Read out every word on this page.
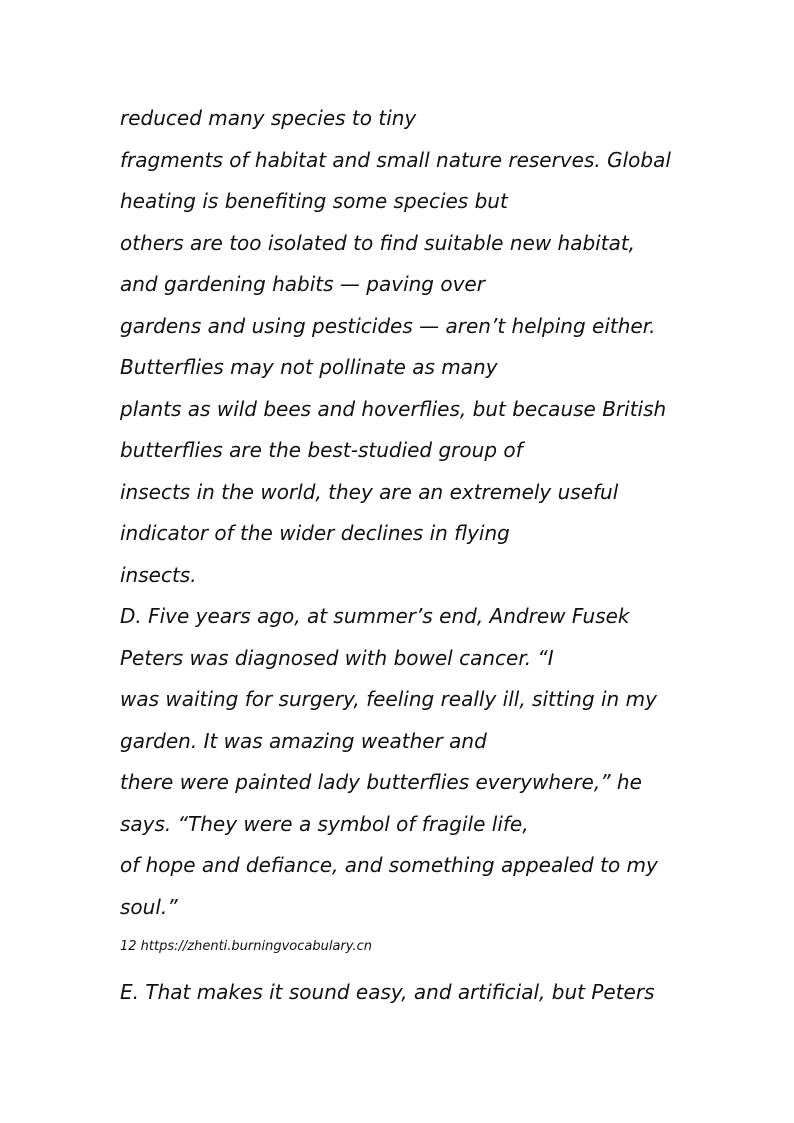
reduced many species to tiny

fragments of habitat and small nature reserves. Global

heating is benefiting some species but

others are too isolated to find suitable new habitat,

and gardening habits — paving over

gardens and using pesticides — aren’t helping either.

Butterflies may not pollinate as many

plants as wild bees and hoverflies, but because British

butterflies are the best-studied group of

insects in the world, they are an extremely useful

indicator of the wider declines in flying

insects.

D. Five years ago, at summer’s end, Andrew Fusek

Peters was diagnosed with bowel cancer. “I

was waiting for surgery, feeling really ill, sitting in my

garden. It was amazing weather and

there were painted lady butterflies everywhere,” he

says. “They were a symbol of fragile life,

of hope and defiance, and something appealed to my

soul.”

12 https://zhenti.burningvocabulary.cn

E. That makes it sound easy, and artificial, but Peters
